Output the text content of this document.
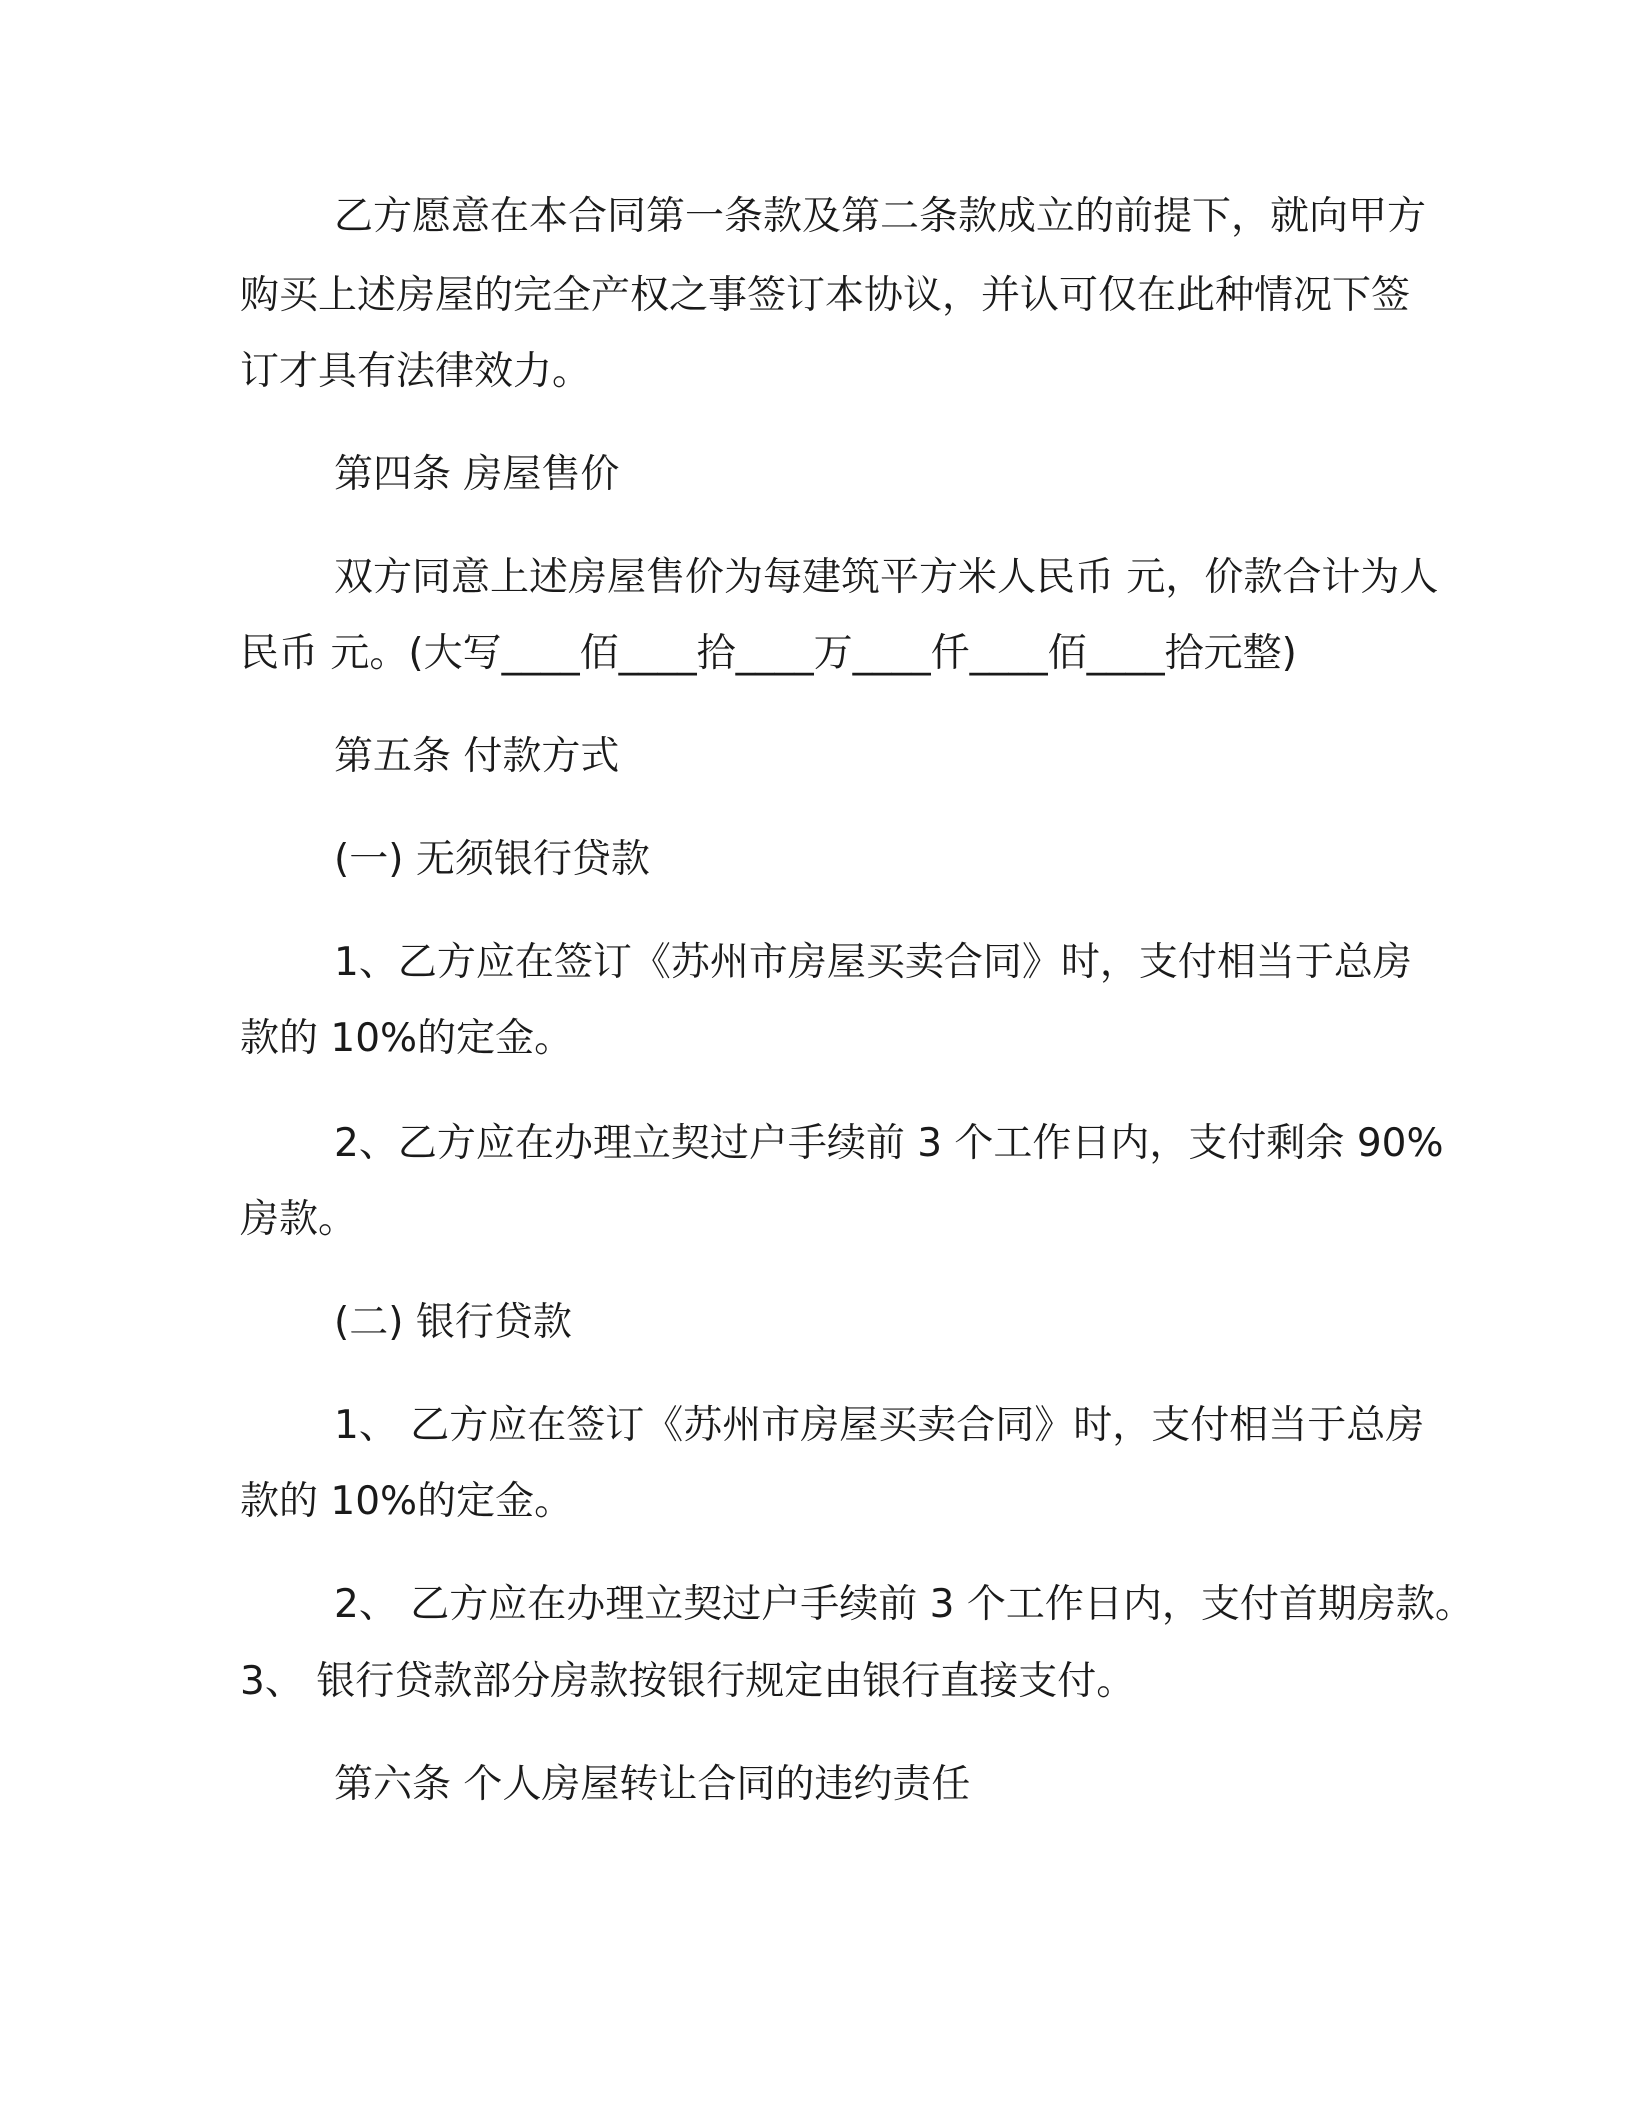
乙方愿意在本合同第一条款及第二条款成立的前提下，就向甲方
购买上述房屋的完全产权之事签订本协议，并认可仅在此种情况下签
订才具有法律效力。
第四条 房屋售价
双方同意上述房屋售价为每建筑平方米人民币 元，价款合计为人
民币 元。(大写____佰____拾____万____仟____佰____拾元整)
第五条 付款方式
(一) 无须银行贷款
1、乙方应在签订《苏州市房屋买卖合同》时，支付相当于总房
款的 10%的定金。
2、乙方应在办理立契过户手续前 3 个工作日内，支付剩余 90%
房款。
(二) 银行贷款
1、 乙方应在签订《苏州市房屋买卖合同》时，支付相当于总房
款的 10%的定金。
2、 乙方应在办理立契过户手续前 3 个工作日内，支付首期房款。
3、 银行贷款部分房款按银行规定由银行直接支付。
第六条 个人房屋转让合同的违约责任
